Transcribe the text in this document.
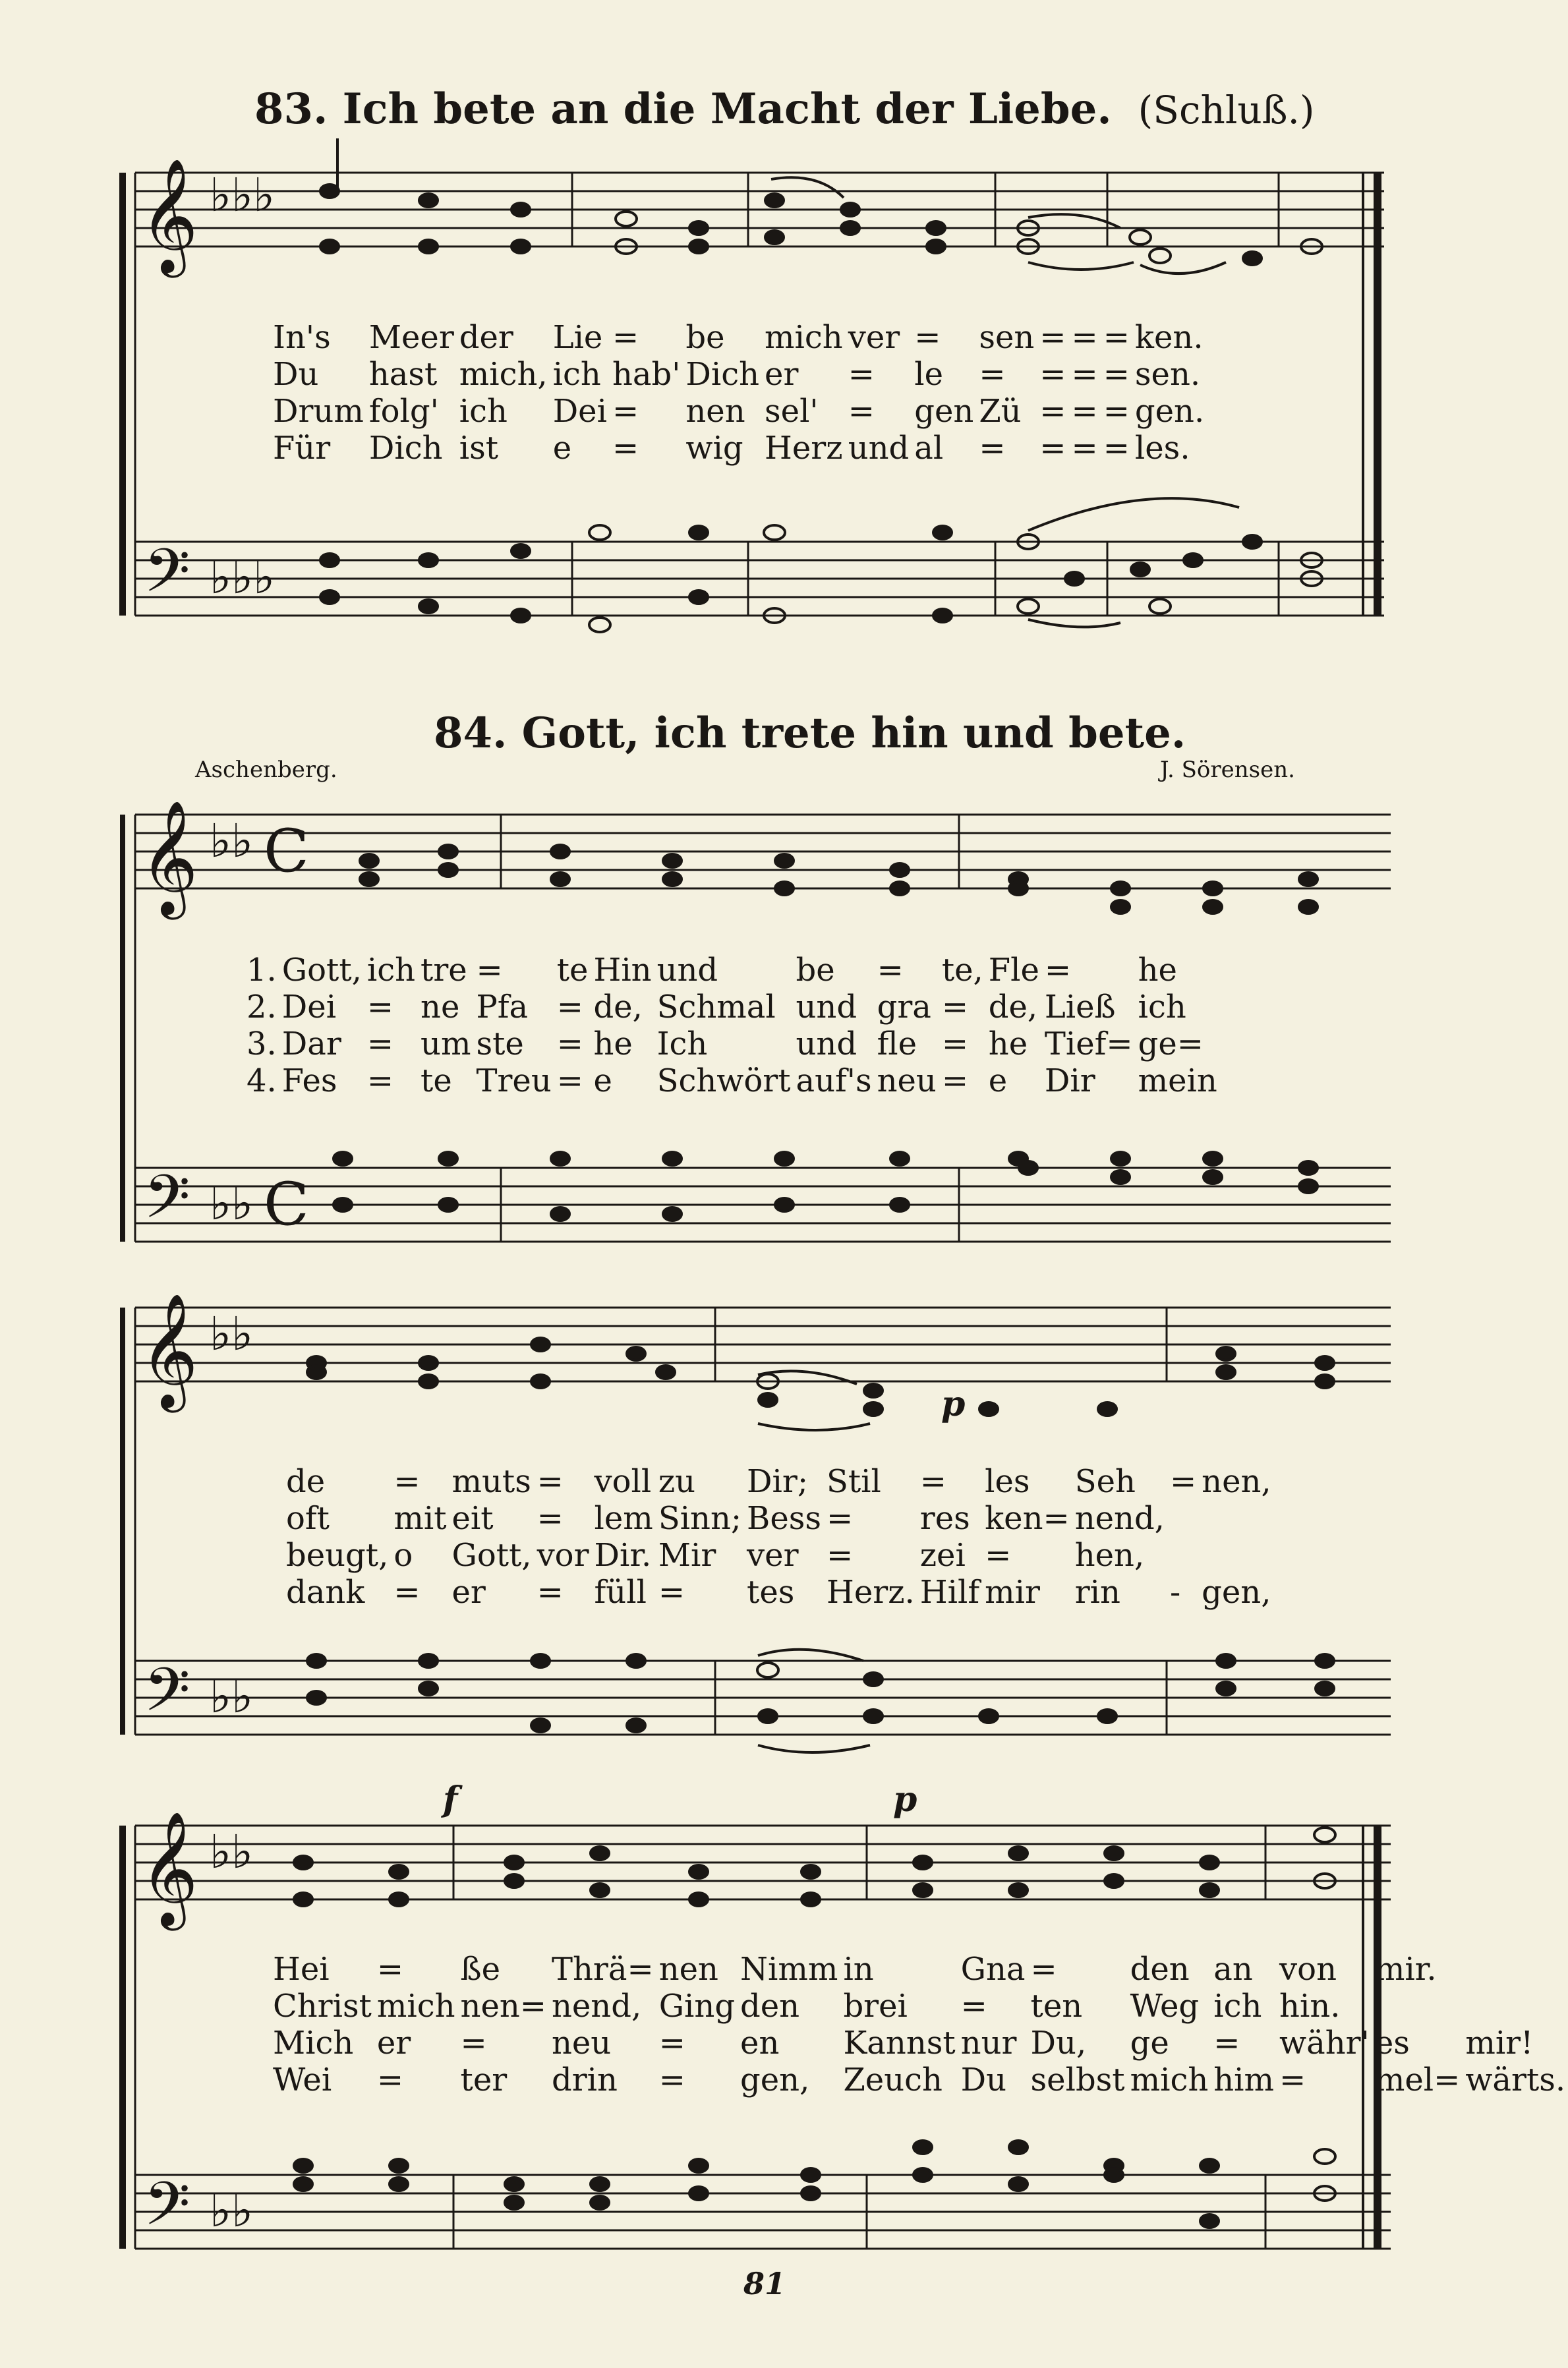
83. Ich bete an die Macht der Liebe. (Schluß.)
𝄞 ♭♭♭
𝄢 ♭♭♭
𝄞 ♭♭ C
𝄢 ♭♭ C
𝄞 ♭♭
𝄢 ♭♭
𝄞 ♭♭
𝄢 ♭♭
In's	Meer	der	Lie	=	be	mich	ver	=	sen	=	=	=	ken.
Du	hast	mich,	ich	hab'	Dich	er	=	le	=	=	=	=	sen.
Drum	folg'	ich	Dei	=	nen	sel'	=	gen	Zü	=	=	=	gen.
Für	Dich	ist	e	=	wig	Herz	und	al	=	=	=	=	les.
84. Gott, ich trete hin und bete.
Aschenberg.	J. Sörensen.
1.	Gott,	ich	tre	=	te	Hin	und	be	=	te,	Fle	=	he
2.	Dei	=	ne	Pfa	=	de,	Schmal	und	gra	=	de,	Ließ	ich
3.	Dar	=	um	ste	=	he	Ich	und	fle	=	he	Tief=	ge=
4.	Fes	=	te	Treu	=	e	Schwört	auf's	neu	=	e	Dir	mein
p
de	=	muts	=	voll	zu	Dir;	Stil	=	les	Seh	=	nen,
oft	mit	eit	=	lem	Sinn;	Bess	=	res	ken=	nend,		
beugt,	o	Gott,	vor	Dir.	Mir	ver	=	zei	=	hen,		
dank	=	er	=	füll	=	tes	Herz.	Hilf	mir	rin	-	gen,
f	p
Hei	=	ße	Thrä=	nen	Nimm	in	Gna	=	den	an	von	mir.	
Christ	mich	nen=	nend,	Ging	den	brei	=	ten	Weg	ich	hin.		
Mich	er	=	neu	=	en	Kannst	nur	Du,	ge	=	währ'	es	mir!
Wei	=	ter	drin	=	gen,	Zeuch	Du	selbst	mich	him	=	mel=	wärts.
81
